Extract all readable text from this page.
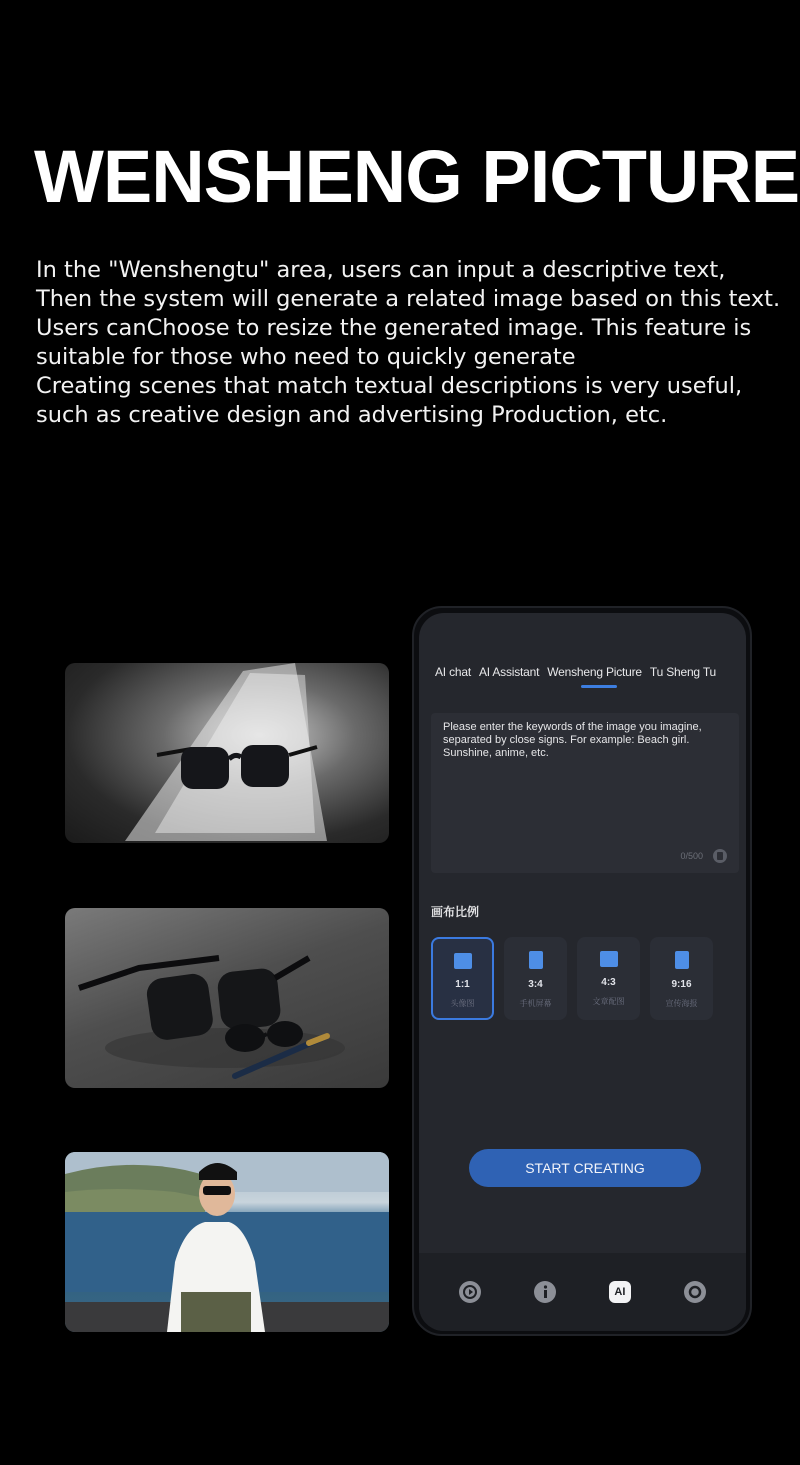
WENSHENG PICTURE

In the "Wenshengtu" area, users can input a descriptive text,

Then the system will generate a related image based on this text.

Users canChoose to resize the generated image. This feature is

suitable for those who need to quickly generate

Creating scenes that match textual descriptions is very useful,

such as creative design and advertising Production, etc.

AI chat AI Assistant Wensheng Picture Tu Sheng Tu
Please enter the keywords of the image you imagine, separated by close signs. For example: Beach girl. Sunshine, anime, etc.
0/500
画布比例
1:1
头像图
3:4
手机屏幕
4:3
文章配图
9:16
宣传海报
START CREATING
AI
